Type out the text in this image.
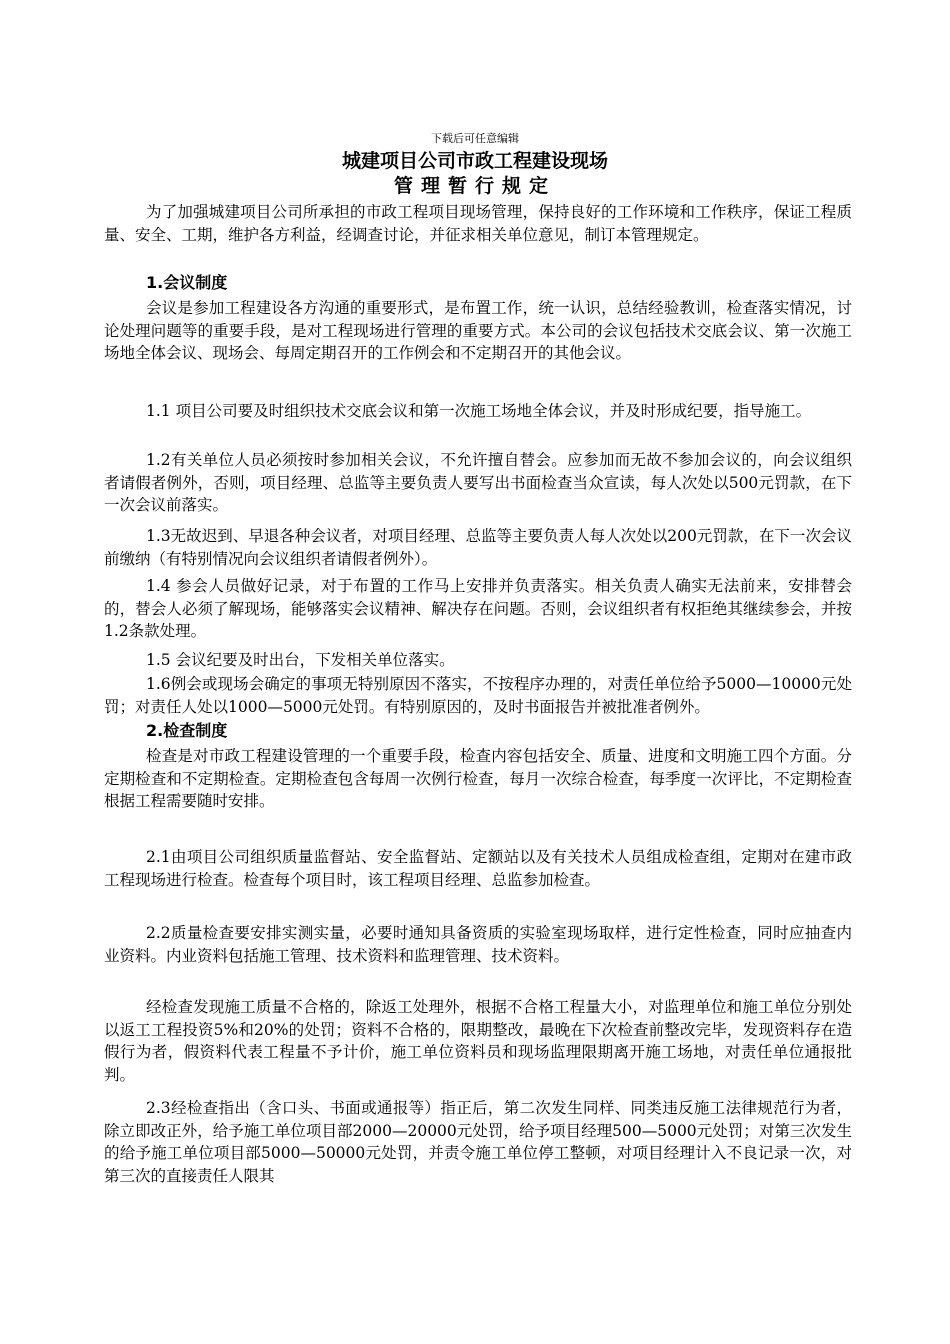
下载后可任意编辑
城建项目公司市政工程建设现场
管理暂行规定

为了加强城建项目公司所承担的市政工程项目现场管理，保持良好的工作环境和工作秩序，保证工程质量、安全、工期，维护各方利益，经调查讨论，并征求相关单位意见，制订本管理规定。

1.会议制度

会议是参加工程建设各方沟通的重要形式，是布置工作，统一认识，总结经验教训，检查落实情况，讨论处理问题等的重要手段，是对工程现场进行管理的重要方式。本公司的会议包括技术交底会议、第一次施工场地全体会议、现场会、每周定期召开的工作例会和不定期召开的其他会议。

1.1 项目公司要及时组织技术交底会议和第一次施工场地全体会议，并及时形成纪要，指导施工。

1.2有关单位人员必须按时参加相关会议，不允许擅自替会。应参加而无故不参加会议的，向会议组织者请假者例外，否则，项目经理、总监等主要负责人要写出书面检查当众宣读，每人次处以500元罚款，在下一次会议前落实。

1.3无故迟到、早退各种会议者，对项目经理、总监等主要负责人每人次处以200元罚款，在下一次会议前缴纳（有特别情况向会议组织者请假者例外）。

1.4 参会人员做好记录，对于布置的工作马上安排并负责落实。相关负责人确实无法前来，安排替会的，替会人必须了解现场，能够落实会议精神、解决存在问题。否则，会议组织者有权拒绝其继续参会，并按1.2条款处理。

1.5 会议纪要及时出台，下发相关单位落实。

1.6例会或现场会确定的事项无特别原因不落实，不按程序办理的，对责任单位给予5000—10000元处罚；对责任人处以1000—5000元处罚。有特别原因的，及时书面报告并被批准者例外。

2.检查制度

检查是对市政工程建设管理的一个重要手段，检查内容包括安全、质量、进度和文明施工四个方面。分定期检查和不定期检查。定期检查包含每周一次例行检查，每月一次综合检查，每季度一次评比，不定期检查根据工程需要随时安排。

2.1由项目公司组织质量监督站、安全监督站、定额站以及有关技术人员组成检查组，定期对在建市政工程现场进行检查。检查每个项目时，该工程项目经理、总监参加检查。

2.2质量检查要安排实测实量，必要时通知具备资质的实验室现场取样，进行定性检查，同时应抽查内业资料。内业资料包括施工管理、技术资料和监理管理、技术资料。

经检查发现施工质量不合格的，除返工处理外，根据不合格工程量大小，对监理单位和施工单位分别处以返工工程投资5%和20%的处罚；资料不合格的，限期整改，最晚在下次检查前整改完毕，发现资料存在造假行为者，假资料代表工程量不予计价，施工单位资料员和现场监理限期离开施工场地，对责任单位通报批判。

2.3经检查指出（含口头、书面或通报等）指正后，第二次发生同样、同类违反施工法律规范行为者，除立即改正外，给予施工单位项目部2000—20000元处罚，给予项目经理500—5000元处罚；对第三次发生的给予施工单位项目部5000—50000元处罚，并责令施工单位停工整顿，对项目经理计入不良记录一次，对第三次的直接责任人限其
